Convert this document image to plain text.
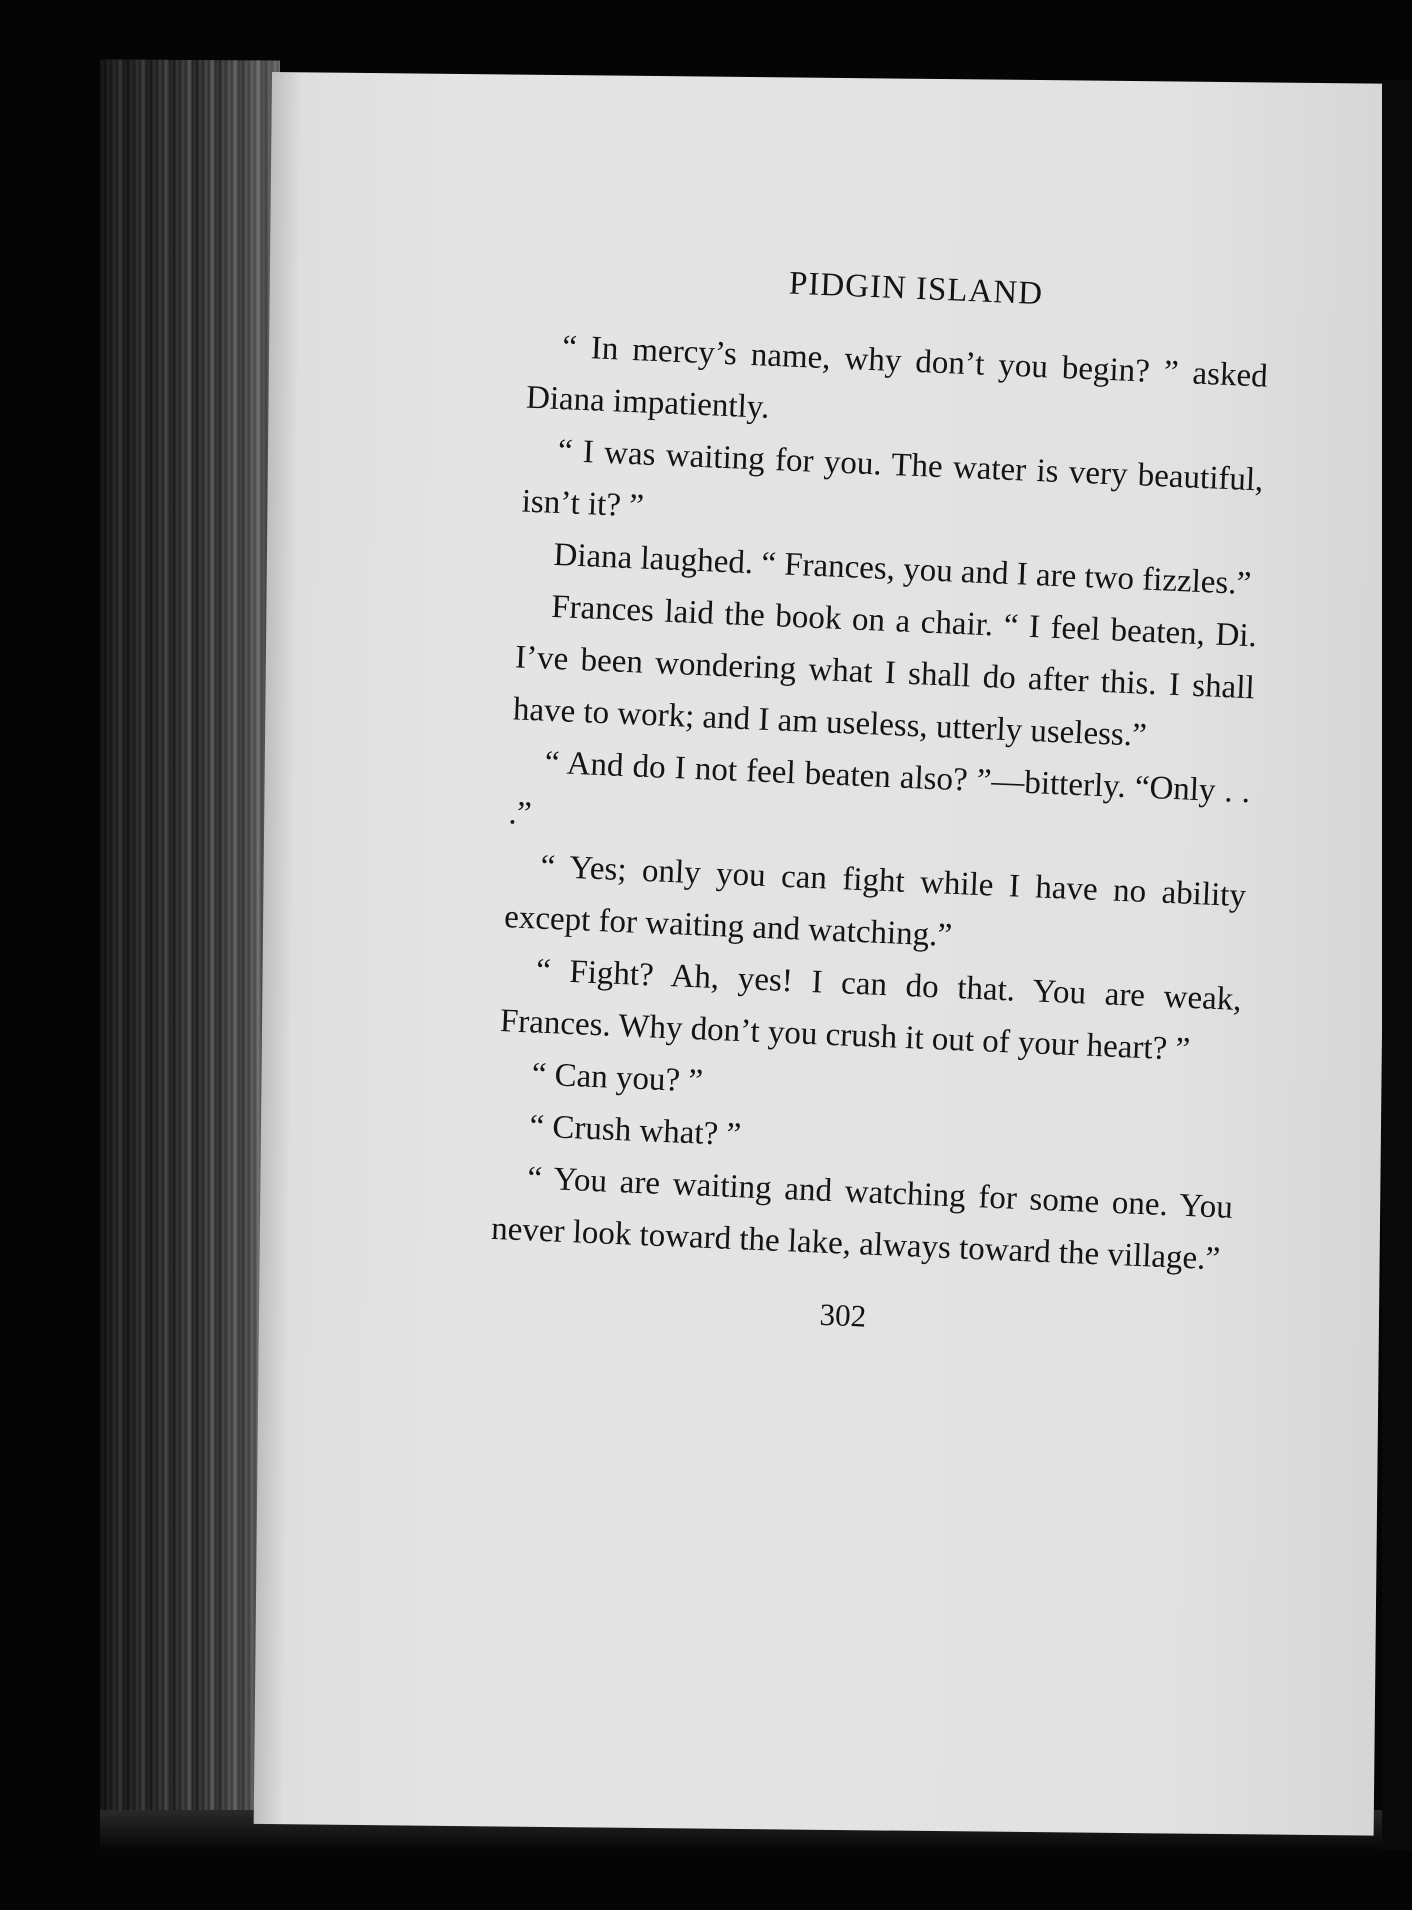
PIDGIN ISLAND

“ In mercy’s name, why don’t you begin? ” asked Diana impatiently.

“ I was waiting for you. The water is very beautiful, isn’t it? ”

Diana laughed. “ Frances, you and I are two fizzles.”

Frances laid the book on a chair. “ I feel beaten, Di. I’ve been wondering what I shall do after this. I shall have to work; and I am useless, utterly useless.”

“ And do I not feel beaten also? ”—bitterly. “Only . . .”

“ Yes; only you can fight while I have no ability except for waiting and watching.”

“ Fight? Ah, yes! I can do that. You are weak, Frances. Why don’t you crush it out of your heart? ”

“ Can you? ”

“ Crush what? ”

“ You are waiting and watching for some one. You never look toward the lake, always toward the village.”

302
